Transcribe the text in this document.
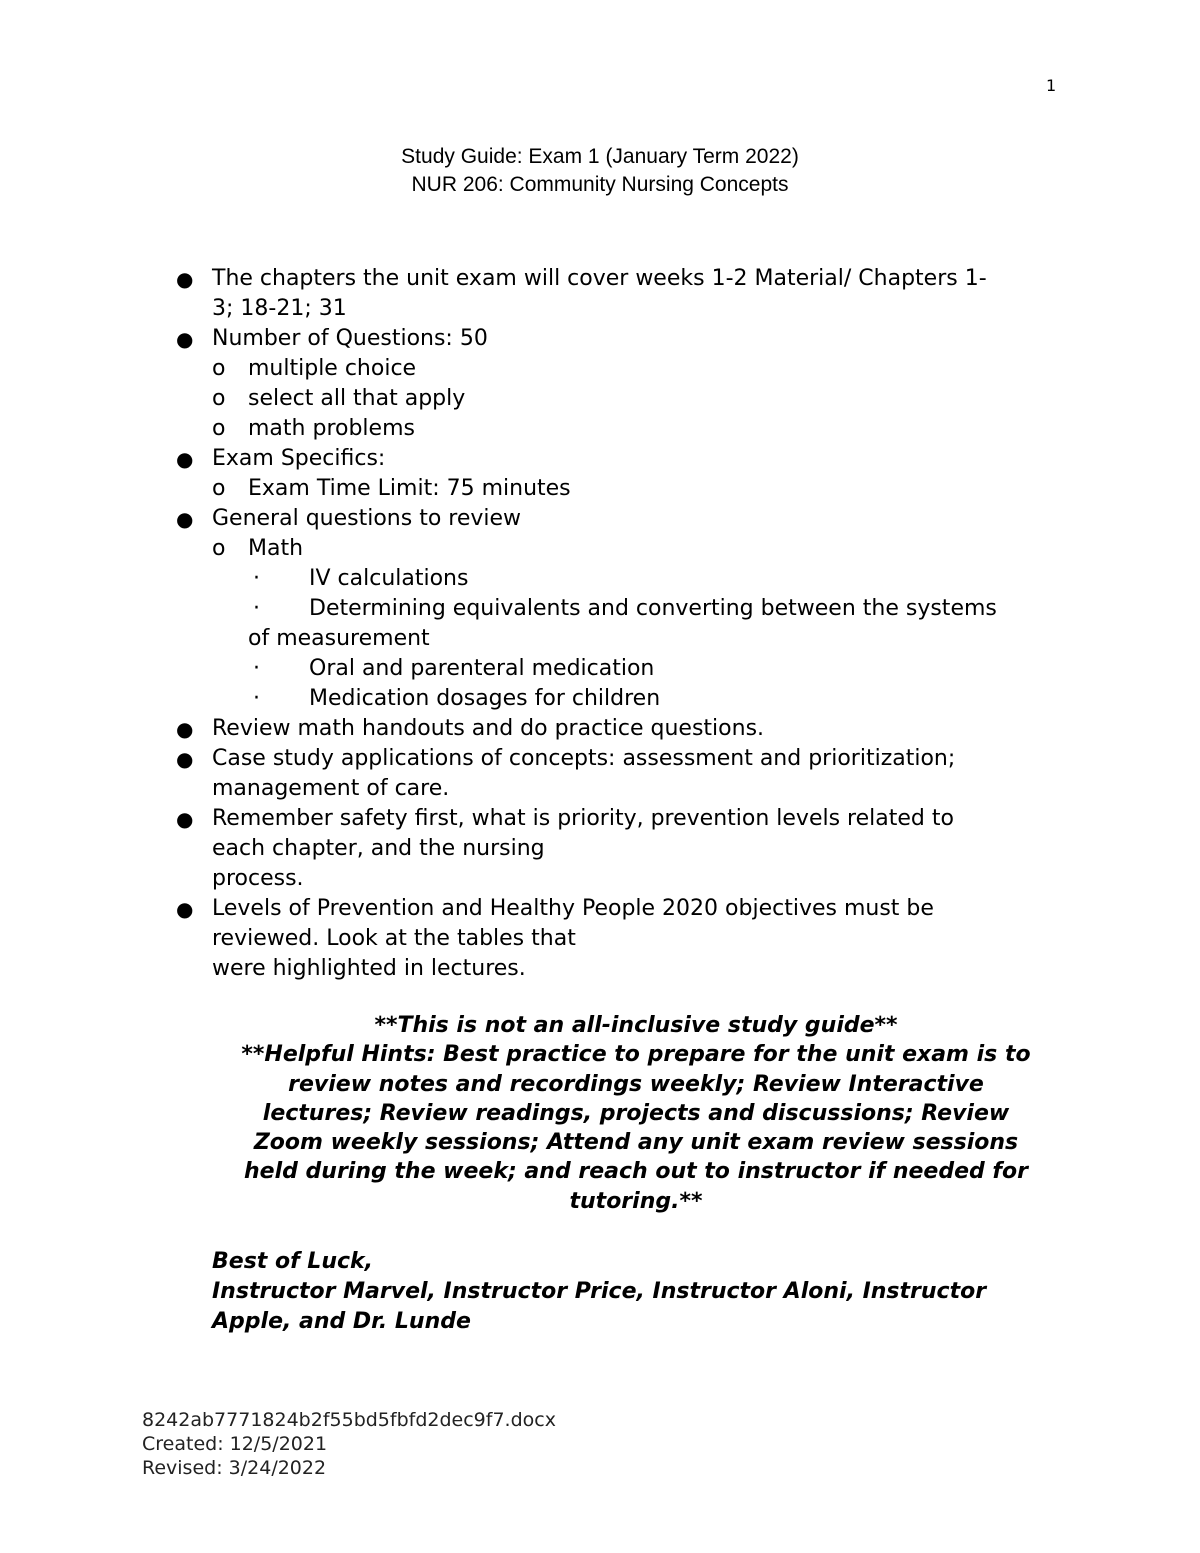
1
Study Guide: Exam 1 (January Term 2022)
NUR 206: Community Nursing Concepts
● The chapters the unit exam will cover weeks 1-2 Material/ Chapters 1-
3; 18-21; 31
● Number of Questions: 50
o multiple choice
o select all that apply
o math problems
● Exam Specifics:
o Exam Time Limit: 75 minutes
● General questions to review
o Math
· IV calculations
· Determining equivalents and converting between the systems
of measurement
· Oral and parenteral medication
· Medication dosages for children
● Review math handouts and do practice questions.
● Case study applications of concepts: assessment and prioritization;
management of care.
● Remember safety first, what is priority, prevention levels related to
each chapter, and the nursing
process.
● Levels of Prevention and Healthy People 2020 objectives must be
reviewed. Look at the tables that
were highlighted in lectures.
**This is not an all-inclusive study guide**
**Helpful Hints: Best practice to prepare for the unit exam is to
review notes and recordings weekly; Review Interactive
lectures; Review readings, projects and discussions; Review
Zoom weekly sessions; Attend any unit exam review sessions
held during the week; and reach out to instructor if needed for
tutoring.**
Best of Luck,
Instructor Marvel, Instructor Price, Instructor Aloni, Instructor
Apple, and Dr. Lunde
8242ab7771824b2f55bd5fbfd2dec9f7.docx
Created: 12/5/2021
Revised: 3/24/2022
